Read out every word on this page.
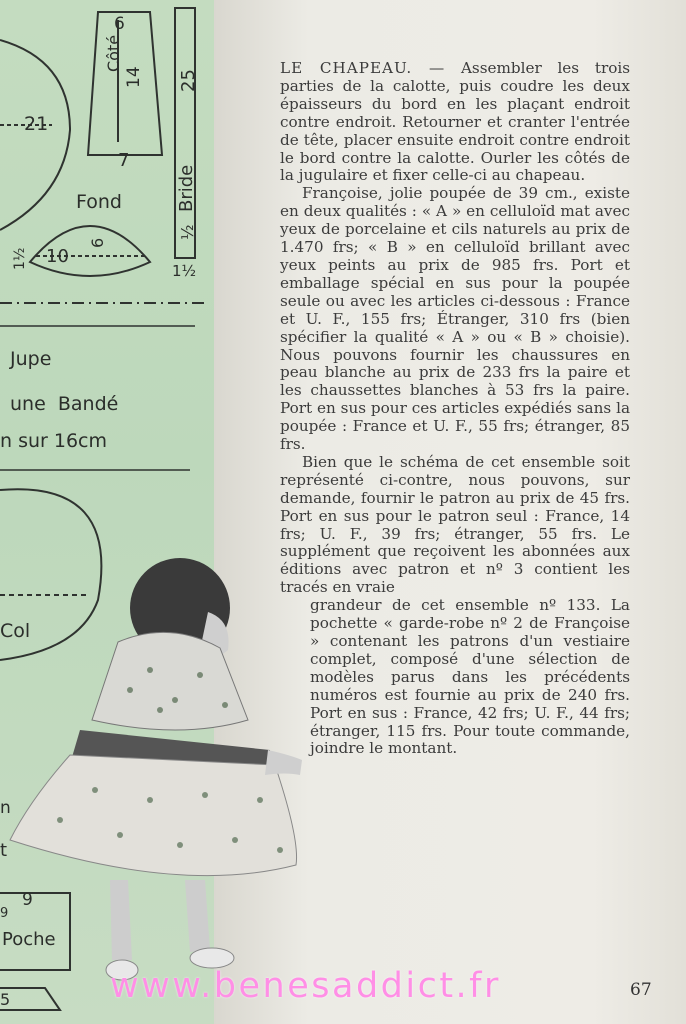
Côté
6
14
7
21
25
Bride
½
1½
Fond
10
6
1½
Jupe
une  Bandé
n sur 16cm
Col
n
t
9
9
Poche
5

LE CHAPEAU. — Assembler les trois parties de la calotte, puis coudre les deux épaisseurs du bord en les plaçant endroit contre endroit. Retourner et cranter l'entrée de tête, placer ensuite endroit contre endroit le bord contre la calotte. Ourler les côtés de la jugulaire et fixer celle-ci au chapeau.

Françoise, jolie poupée de 39 cm., existe en deux qualités : « A » en celluloïd mat avec yeux de porcelaine et cils naturels au prix de 1.470 frs; « B » en celluloïd brillant avec yeux peints au prix de 985 frs. Port et emballage spécial en sus pour la poupée seule ou avec les articles ci-dessous : France et U. F., 155 frs; Étranger, 310 frs (bien spécifier la qualité « A » ou « B » choisie). Nous pouvons fournir les chaussures en peau blanche au prix de 233 frs la paire et les chaussettes blanches à 53 frs la paire. Port en sus pour ces articles expédiés sans la poupée : France et U. F., 55 frs; étranger, 85 frs.

Bien que le schéma de cet ensemble soit représenté ci-contre, nous pouvons, sur demande, fournir le patron au prix de 45 frs. Port en sus pour le patron seul : France, 14 frs; U. F., 39 frs; étranger, 55 frs. Le supplément que reçoivent les abonnées aux éditions avec patron et nº 3 contient les tracés en vraie

grandeur de cet ensemble nº 133. La pochette « garde-robe nº 2 de Françoise » contenant les patrons d'un vestiaire complet, composé d'une sélection de modèles parus dans les précédents numéros est fournie au prix de 240 frs. Port en sus : France, 42 frs; U. F., 44 frs; étranger, 115 frs. Pour toute commande, joindre le montant.

67
www.benesaddict.fr
